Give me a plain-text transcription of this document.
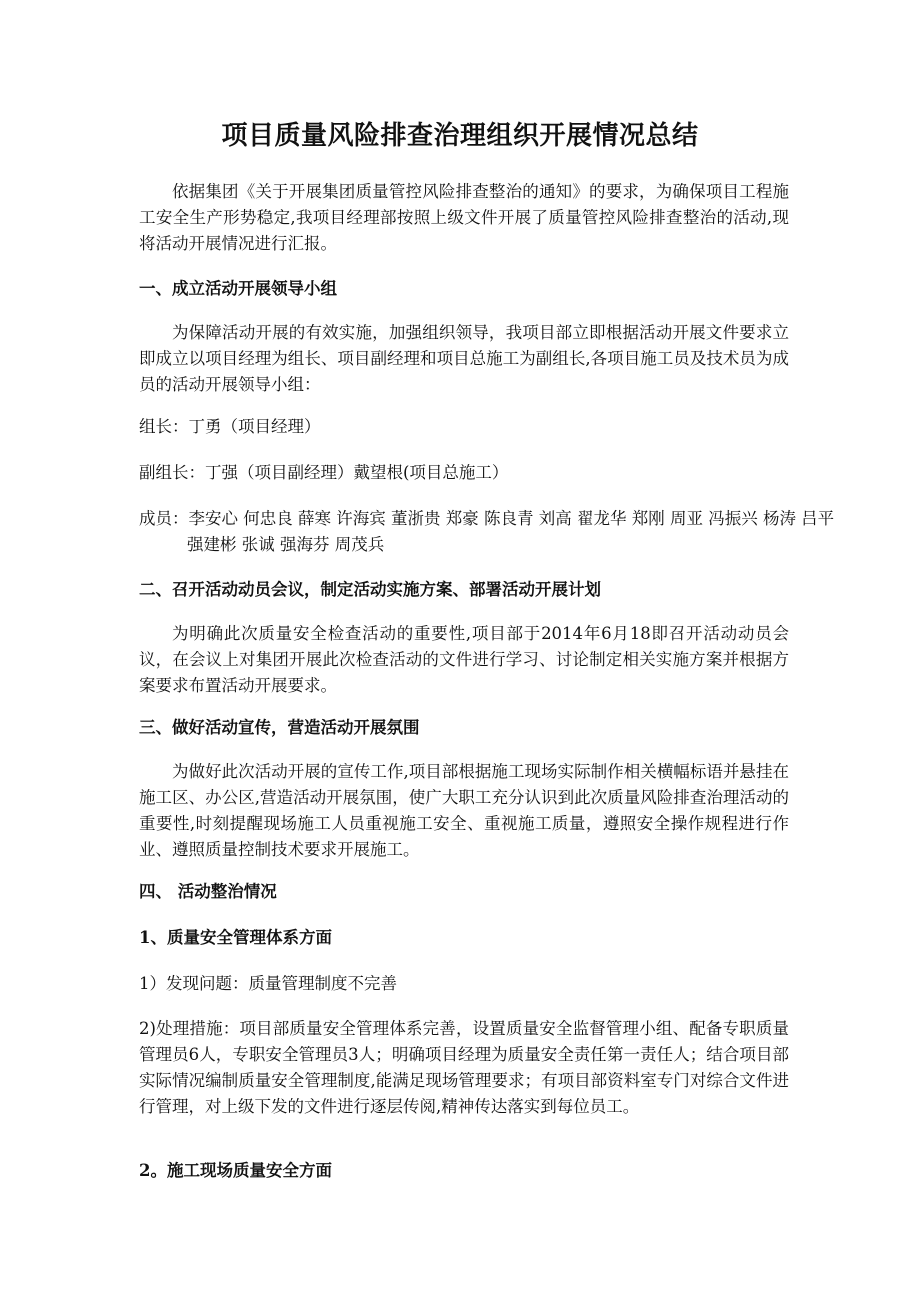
项目质量风险排查治理组织开展情况总结

依据集团《关于开展集团质量管控风险排查整治的通知》的要求，为确保项目工程施工安全生产形势稳定,我项目经理部按照上级文件开展了质量管控风险排查整治的活动,现将活动开展情况进行汇报。

一、成立活动开展领导小组

为保障活动开展的有效实施，加强组织领导，我项目部立即根据活动开展文件要求立即成立以项目经理为组长、项目副经理和项目总施工为副组长,各项目施工员及技术员为成员的活动开展领导小组：

组长：丁勇（项目经理）

副组长：丁强（项目副经理）戴望根(项目总施工）

成员：李安心 何忠良 薛寒 许海宾 董浙贵 郑豪 陈良青 刘高 翟龙华 郑刚 周亚 冯振兴 杨涛 吕平 强建彬 张诚 强海芬 周茂兵

二、召开活动动员会议，制定活动实施方案、部署活动开展计划

为明确此次质量安全检查活动的重要性,项目部于2014年6月18即召开活动动员会议，在会议上对集团开展此次检查活动的文件进行学习、讨论制定相关实施方案并根据方案要求布置活动开展要求。

三、做好活动宣传，营造活动开展氛围

为做好此次活动开展的宣传工作,项目部根据施工现场实际制作相关横幅标语并悬挂在施工区、办公区,营造活动开展氛围，使广大职工充分认识到此次质量风险排查治理活动的重要性,时刻提醒现场施工人员重视施工安全、重视施工质量，遵照安全操作规程进行作业、遵照质量控制技术要求开展施工。

四、 活动整治情况

1、质量安全管理体系方面

1）发现问题：质量管理制度不完善

2)处理措施：项目部质量安全管理体系完善，设置质量安全监督管理小组、配备专职质量管理员6人，专职安全管理员3人；明确项目经理为质量安全责任第一责任人；结合项目部实际情况编制质量安全管理制度,能满足现场管理要求；有项目部资料室专门对综合文件进行管理，对上级下发的文件进行逐层传阅,精神传达落实到每位员工。

2。施工现场质量安全方面
